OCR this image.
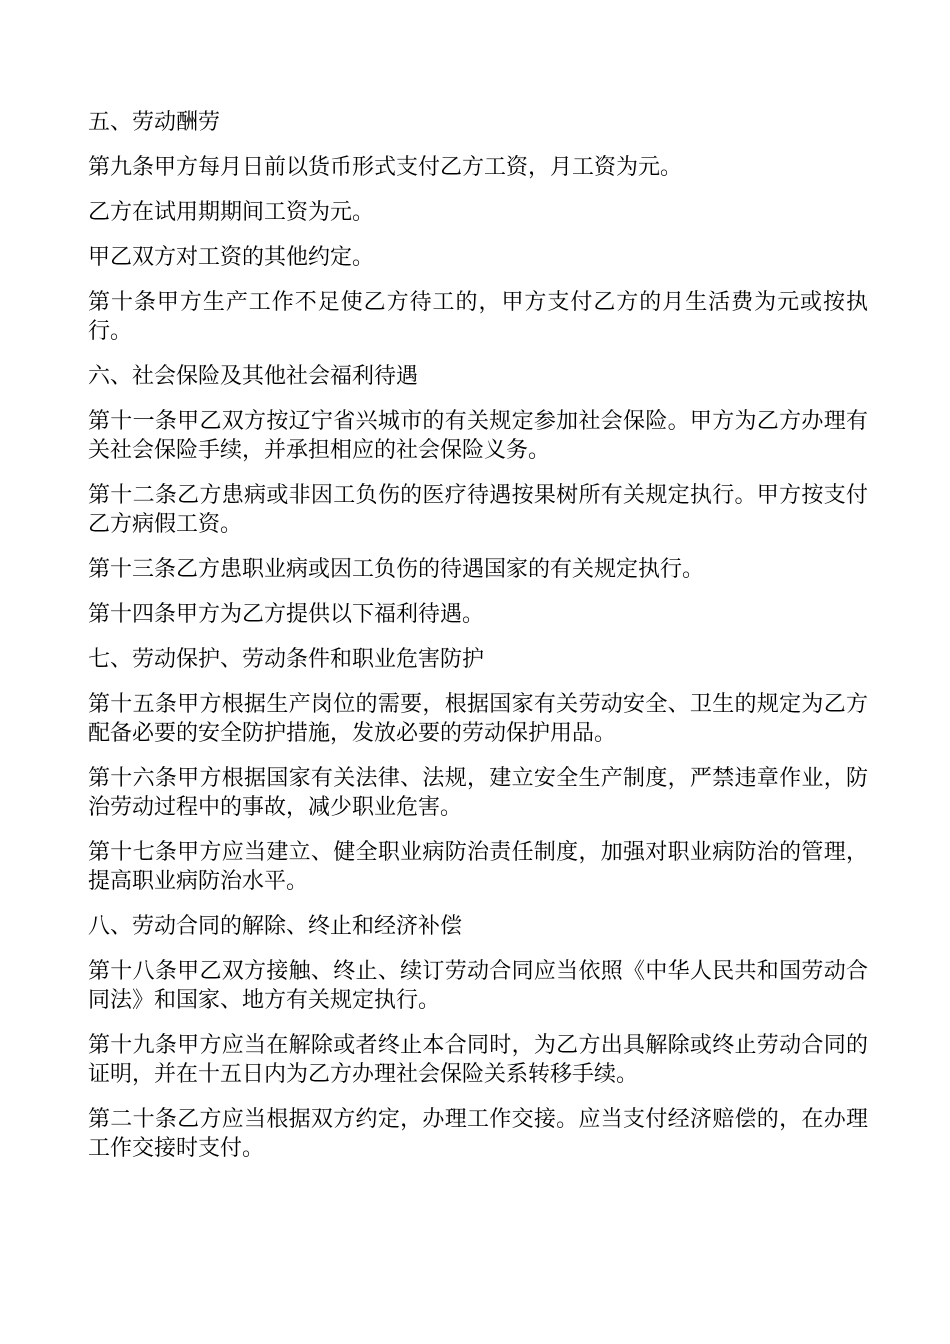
五、劳动酬劳

第九条甲方每月日前以货币形式支付乙方工资，月工资为元。

乙方在试用期期间工资为元。

甲乙双方对工资的其他约定。

第十条甲方生产工作不足使乙方待工的，甲方支付乙方的月生活费为元或按执行。

六、社会保险及其他社会福利待遇

第十一条甲乙双方按辽宁省兴城市的有关规定参加社会保险。甲方为乙方办理有关社会保险手续，并承担相应的社会保险义务。

第十二条乙方患病或非因工负伤的医疗待遇按果树所有关规定执行。甲方按支付乙方病假工资。

第十三条乙方患职业病或因工负伤的待遇国家的有关规定执行。

第十四条甲方为乙方提供以下福利待遇。

七、劳动保护、劳动条件和职业危害防护

第十五条甲方根据生产岗位的需要，根据国家有关劳动安全、卫生的规定为乙方配备必要的安全防护措施，发放必要的劳动保护用品。

第十六条甲方根据国家有关法律、法规，建立安全生产制度，严禁违章作业，防治劳动过程中的事故，减少职业危害。

第十七条甲方应当建立、健全职业病防治责任制度，加强对职业病防治的管理，提高职业病防治水平。

八、劳动合同的解除、终止和经济补偿

第十八条甲乙双方接触、终止、续订劳动合同应当依照《中华人民共和国劳动合同法》和国家、地方有关规定执行。

第十九条甲方应当在解除或者终止本合同时，为乙方出具解除或终止劳动合同的证明，并在十五日内为乙方办理社会保险关系转移手续。

第二十条乙方应当根据双方约定，办理工作交接。应当支付经济赔偿的，在办理工作交接时支付。
